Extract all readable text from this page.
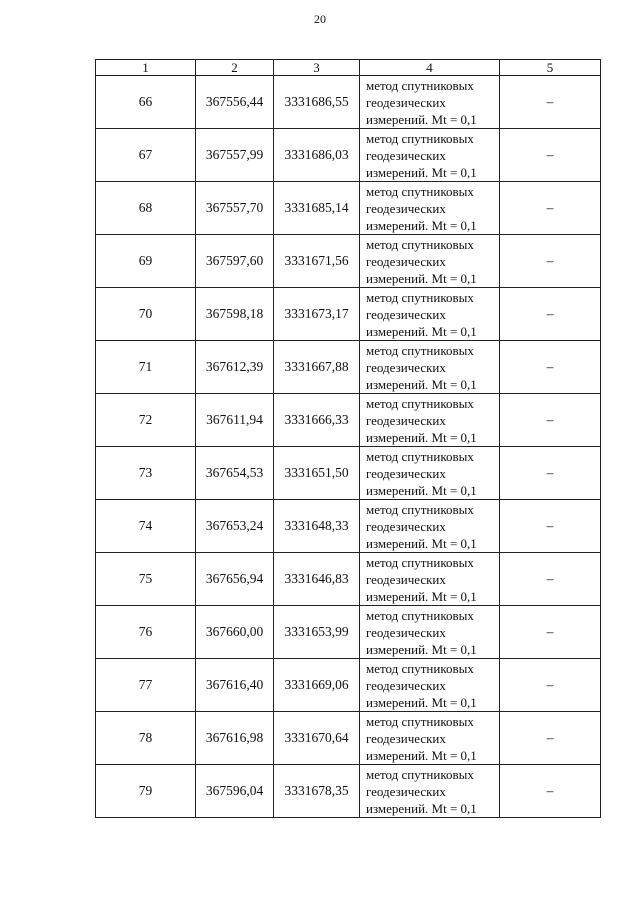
20
1	2	3	4	5
66	367556,44	3331686,55	метод спутниковых
геодезических
измерений. Mt = 0,1	–
67	367557,99	3331686,03	метод спутниковых
геодезических
измерений. Mt = 0,1	–
68	367557,70	3331685,14	метод спутниковых
геодезических
измерений. Mt = 0,1	–
69	367597,60	3331671,56	метод спутниковых
геодезических
измерений. Mt = 0,1	–
70	367598,18	3331673,17	метод спутниковых
геодезических
измерений. Mt = 0,1	–
71	367612,39	3331667,88	метод спутниковых
геодезических
измерений. Mt = 0,1	–
72	367611,94	3331666,33	метод спутниковых
геодезических
измерений. Mt = 0,1	–
73	367654,53	3331651,50	метод спутниковых
геодезических
измерений. Mt = 0,1	–
74	367653,24	3331648,33	метод спутниковых
геодезических
измерений. Mt = 0,1	–
75	367656,94	3331646,83	метод спутниковых
геодезических
измерений. Mt = 0,1	–
76	367660,00	3331653,99	метод спутниковых
геодезических
измерений. Mt = 0,1	–
77	367616,40	3331669,06	метод спутниковых
геодезических
измерений. Mt = 0,1	–
78	367616,98	3331670,64	метод спутниковых
геодезических
измерений. Mt = 0,1	–
79	367596,04	3331678,35	метод спутниковых
геодезических
измерений. Mt = 0,1	–
